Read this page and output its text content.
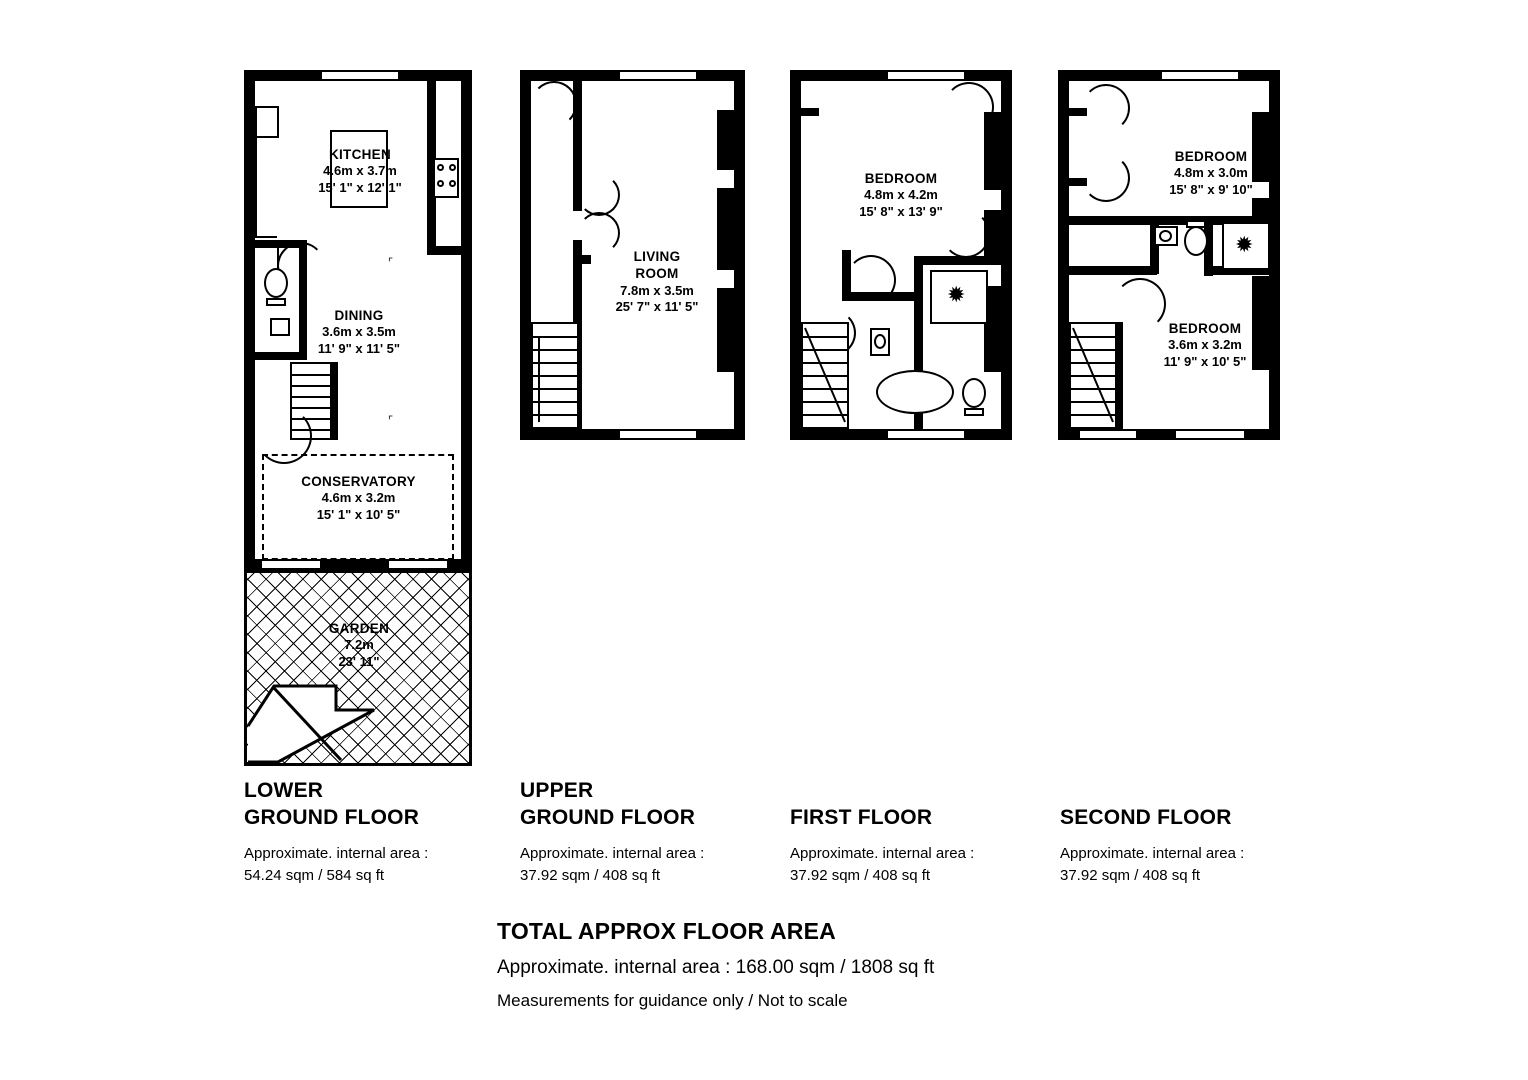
KITCHEN
4.6m x 3.7m
15' 1" x 12' 1"
DINING
3.6m x 3.5m
11' 9" x 11' 5"
CONSERVATORY
4.6m x 3.2m
15' 1" x 10' 5"
GARDEN
7.2m
23' 11"
⌜

⌜
LIVING
ROOM
7.8m x 3.5m
25' 7" x 11' 5"	✹
BEDROOM
4.8m x 4.2m
15' 8" x 13' 9"
✹
BEDROOM
4.8m x 3.0m
15' 8" x 9' 10"
BEDROOM
3.6m x 3.2m
11' 9" x 10' 5"
LOWER
GROUND FLOOR
Approximate. internal area :
54.24 sqm / 584 sq ft
UPPER
GROUND FLOOR
Approximate. internal area :
37.92 sqm / 408 sq ft
FIRST FLOOR
Approximate. internal area :
37.92 sqm / 408 sq ft
SECOND FLOOR
Approximate. internal area :
37.92 sqm / 408 sq ft
TOTAL APPROX FLOOR AREA
Approximate. internal area : 168.00 sqm / 1808 sq ft
Measurements for guidance only / Not to scale
